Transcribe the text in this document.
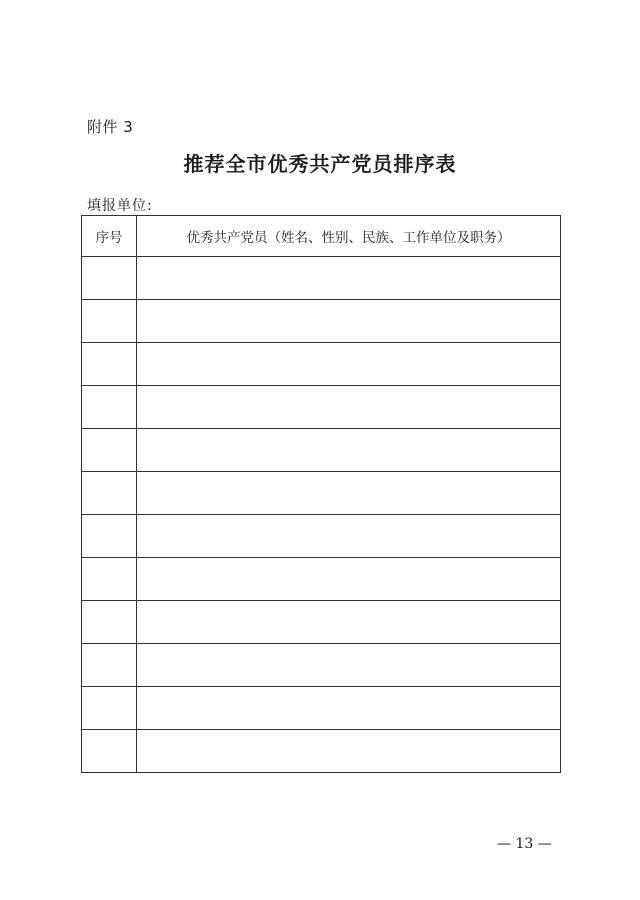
附件 3
推荐全市优秀共产党员排序表
填报单位:
序号	优秀共产党员（姓名、性别、民族、工作单位及职务）

— 13 —
